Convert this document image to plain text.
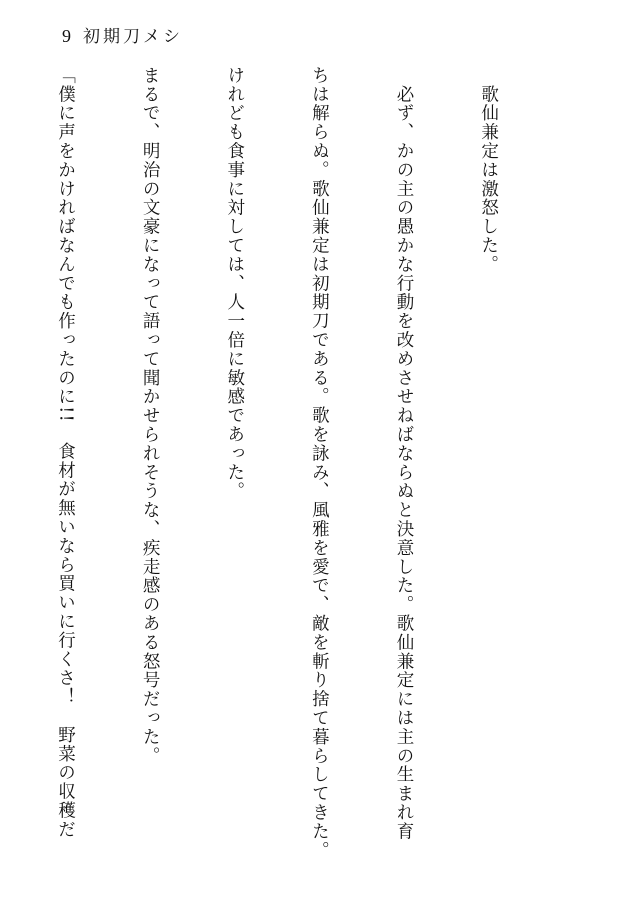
9 初期刀メシ

　歌仙兼定は激怒した。

　必ず、かの主の愚かな行動を改めさせねばならぬと決意した。歌仙兼定には主の生まれ育

ちは解らぬ。歌仙兼定は初期刀である。歌を詠み、風雅を愛で、敵を斬り捨て暮らしてきた。

けれども食事に対しては、人一倍に敏感であった。

まるで、明治の文豪になって語って聞かせられそうな、疾走感のある怒号だった。

「僕に声をかければなんでも作ったのに!!　食材が無いなら買いに行くさ！　野菜の収穫だ
